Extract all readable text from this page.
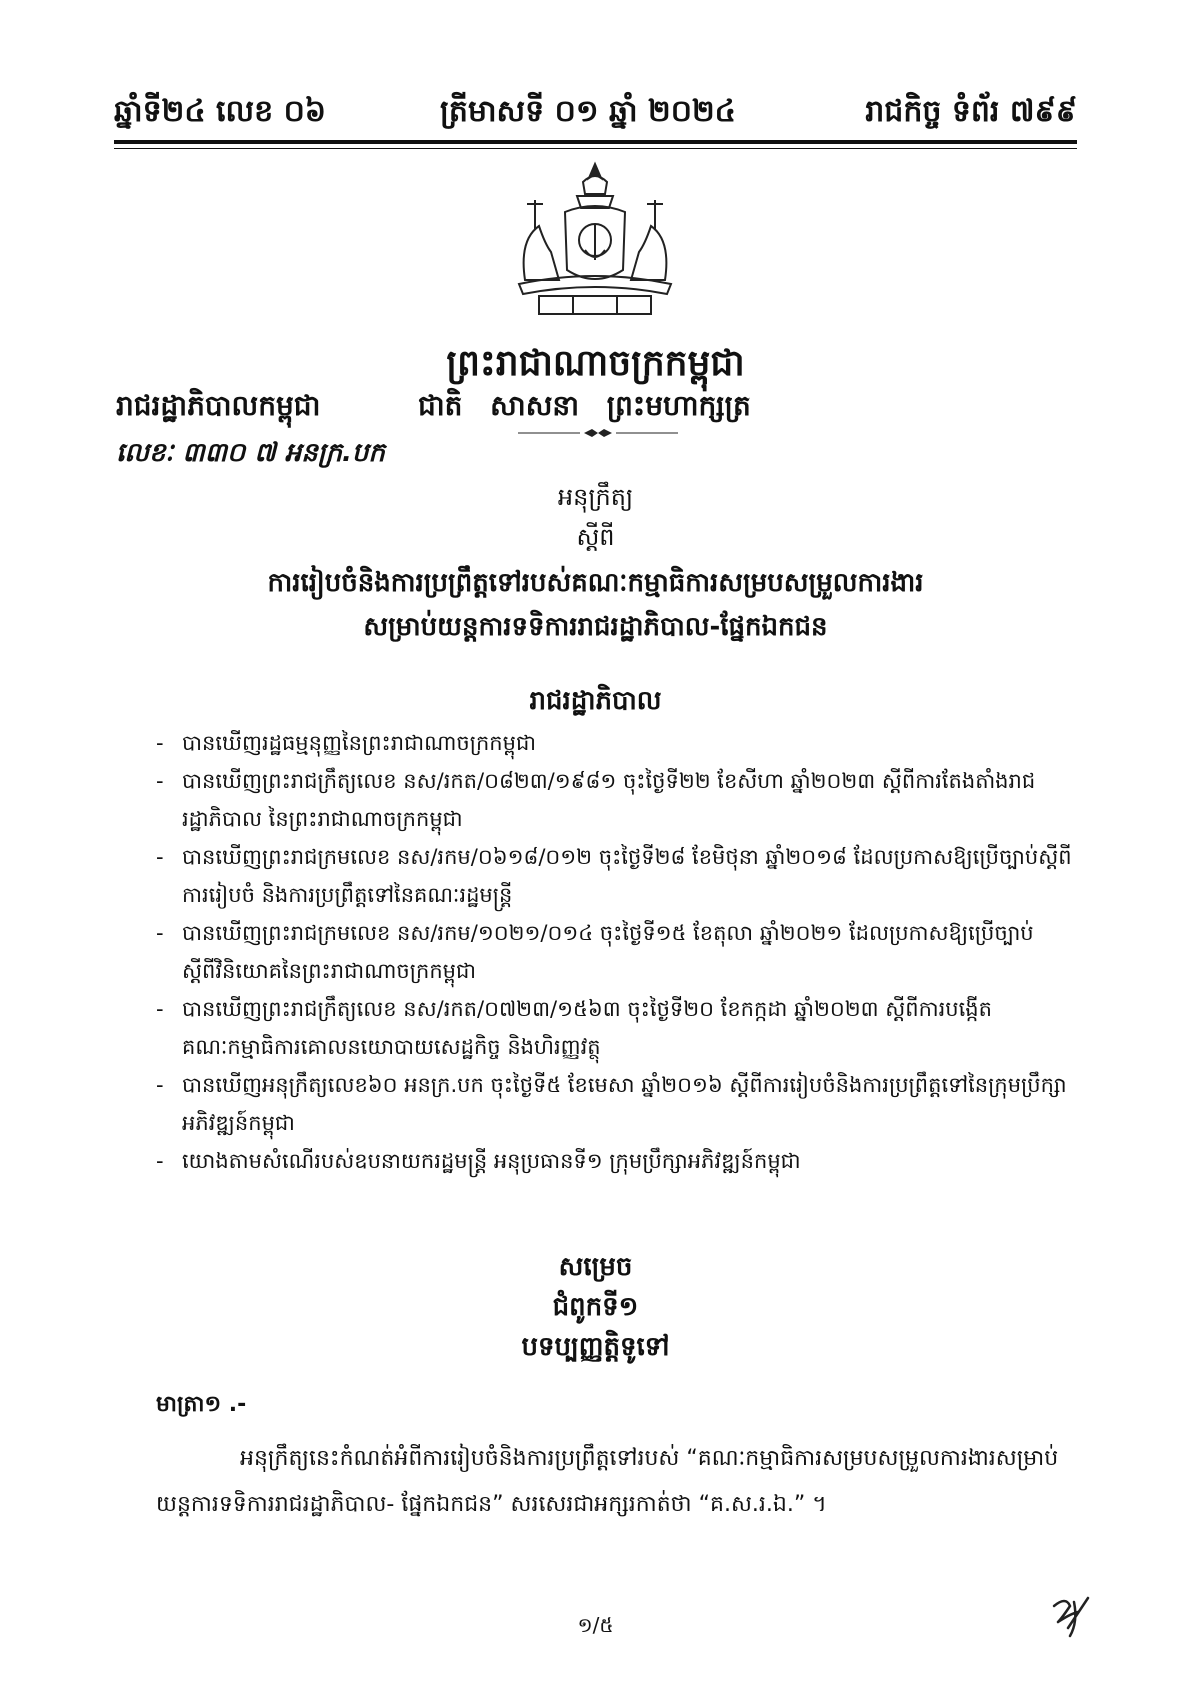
ឆ្នាំទី២៤ លេខ ០៦	ត្រីមាសទី ០១ ឆ្នាំ ២០២៤	រាជកិច្ច ទំព័រ ៧៩៩
ព្រះរាជាណាចក្រកម្ពុជា
រាជរដ្ឋាភិបាលកម្ពុជា	ជាតិ សាសនា ព្រះមហាក្សត្រ
លេខៈ ៣៣០ ៧ អនក្រ.បក
អនុក្រឹត្យ
ស្តីពី
ការរៀបចំនិងការប្រព្រឹត្តទៅរបស់គណៈកម្មាធិការសម្របសម្រួលការងារ
សម្រាប់យន្តការទទិការរាជរដ្ឋាភិបាល-ផ្នែកឯកជន
រាជរដ្ឋាភិបាល
- បានឃើញរដ្ឋធម្មនុញ្ញនៃព្រះរាជាណាចក្រកម្ពុជា
- បានឃើញព្រះរាជក្រឹត្យលេខ នស/រកត/០៨២៣/១៩៨១ ចុះថ្ងៃទី២២ ខែសីហា ឆ្នាំ២០២៣ ស្តីពីការតែងតាំងរាជរដ្ឋាភិបាល នៃព្រះរាជាណាចក្រកម្ពុជា
- បានឃើញព្រះរាជក្រមលេខ នស/រកម/០៦១៨/០១២ ចុះថ្ងៃទី២៨ ខែមិថុនា ឆ្នាំ២០១៨ ដែលប្រកាសឱ្យប្រើច្បាប់ស្តីពីការរៀបចំ និងការប្រព្រឹត្តទៅនៃគណៈរដ្ឋមន្ត្រី
- បានឃើញព្រះរាជក្រមលេខ នស/រកម/១០២១/០១៤ ចុះថ្ងៃទី១៥ ខែតុលា ឆ្នាំ២០២១ ដែលប្រកាសឱ្យប្រើច្បាប់ស្តីពីវិនិយោគនៃព្រះរាជាណាចក្រកម្ពុជា
- បានឃើញព្រះរាជក្រឹត្យលេខ នស/រកត/០៧២៣/១៥៦៣ ចុះថ្ងៃទី២០ ខែកក្កដា ឆ្នាំ២០២៣ ស្តីពីការបង្កើតគណៈកម្មាធិការគោលនយោបាយសេដ្ឋកិច្ច និងហិរញ្ញវត្ថុ
- បានឃើញអនុក្រឹត្យលេខ៦០ អនក្រ.បក ចុះថ្ងៃទី៥ ខែមេសា ឆ្នាំ២០១៦ ស្តីពីការរៀបចំនិងការប្រព្រឹត្តទៅនៃក្រុមប្រឹក្សាអភិវឌ្ឍន៍កម្ពុជា
- យោងតាមសំណើរបស់ឧបនាយករដ្ឋមន្ត្រី អនុប្រធានទី១ ក្រុមប្រឹក្សាអភិវឌ្ឍន៍កម្ពុជា
សម្រេច
ជំពូកទី១
បទប្បញ្ញត្តិទូទៅ
មាត្រា១ .-
អនុក្រឹត្យនេះកំណត់អំពីការរៀបចំនិងការប្រព្រឹត្តទៅរបស់ “គណៈកម្មាធិការសម្របសម្រួលការងារសម្រាប់យន្តការទទិការរាជរដ្ឋាភិបាល- ផ្នែកឯកជន” សរសេរជាអក្សរកាត់ថា “គ.ស.រ.ឯ.” ។
១/៥
